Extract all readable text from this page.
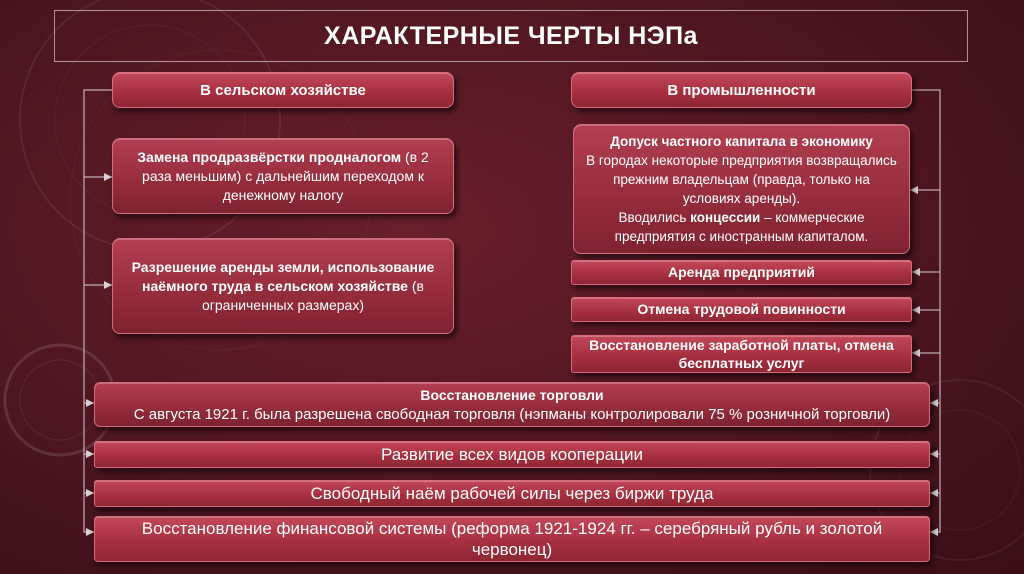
ХАРАКТЕРНЫЕ ЧЕРТЫ НЭПа
В сельском хозяйстве
Замена продразвёрстки продналогом (в 2 раза меньшим) с дальнейшим переходом к денежному налогу
Разрешение аренды земли, использование наёмного труда в сельском хозяйстве (в ограниченных размерах)
В промышленности
Допуск частного капитала в экономику
В городах некоторые предприятия возвращались прежним владельцам (правда, только на условиях аренды).
Вводились концессии – коммерческие предприятия с иностранным капиталом.
Аренда предприятий
Отмена трудовой повинности
Восстановление заработной платы, отмена бесплатных услуг
Восстановление торговли
С августа 1921 г. была разрешена свободная торговля (нэпманы контролировали 75 % розничной торговли)
Развитие всех видов кооперации
Свободный наём рабочей силы через биржи труда
Восстановление финансовой системы (реформа 1921-1924 гг. – серебряный рубль и золотой червонец)
